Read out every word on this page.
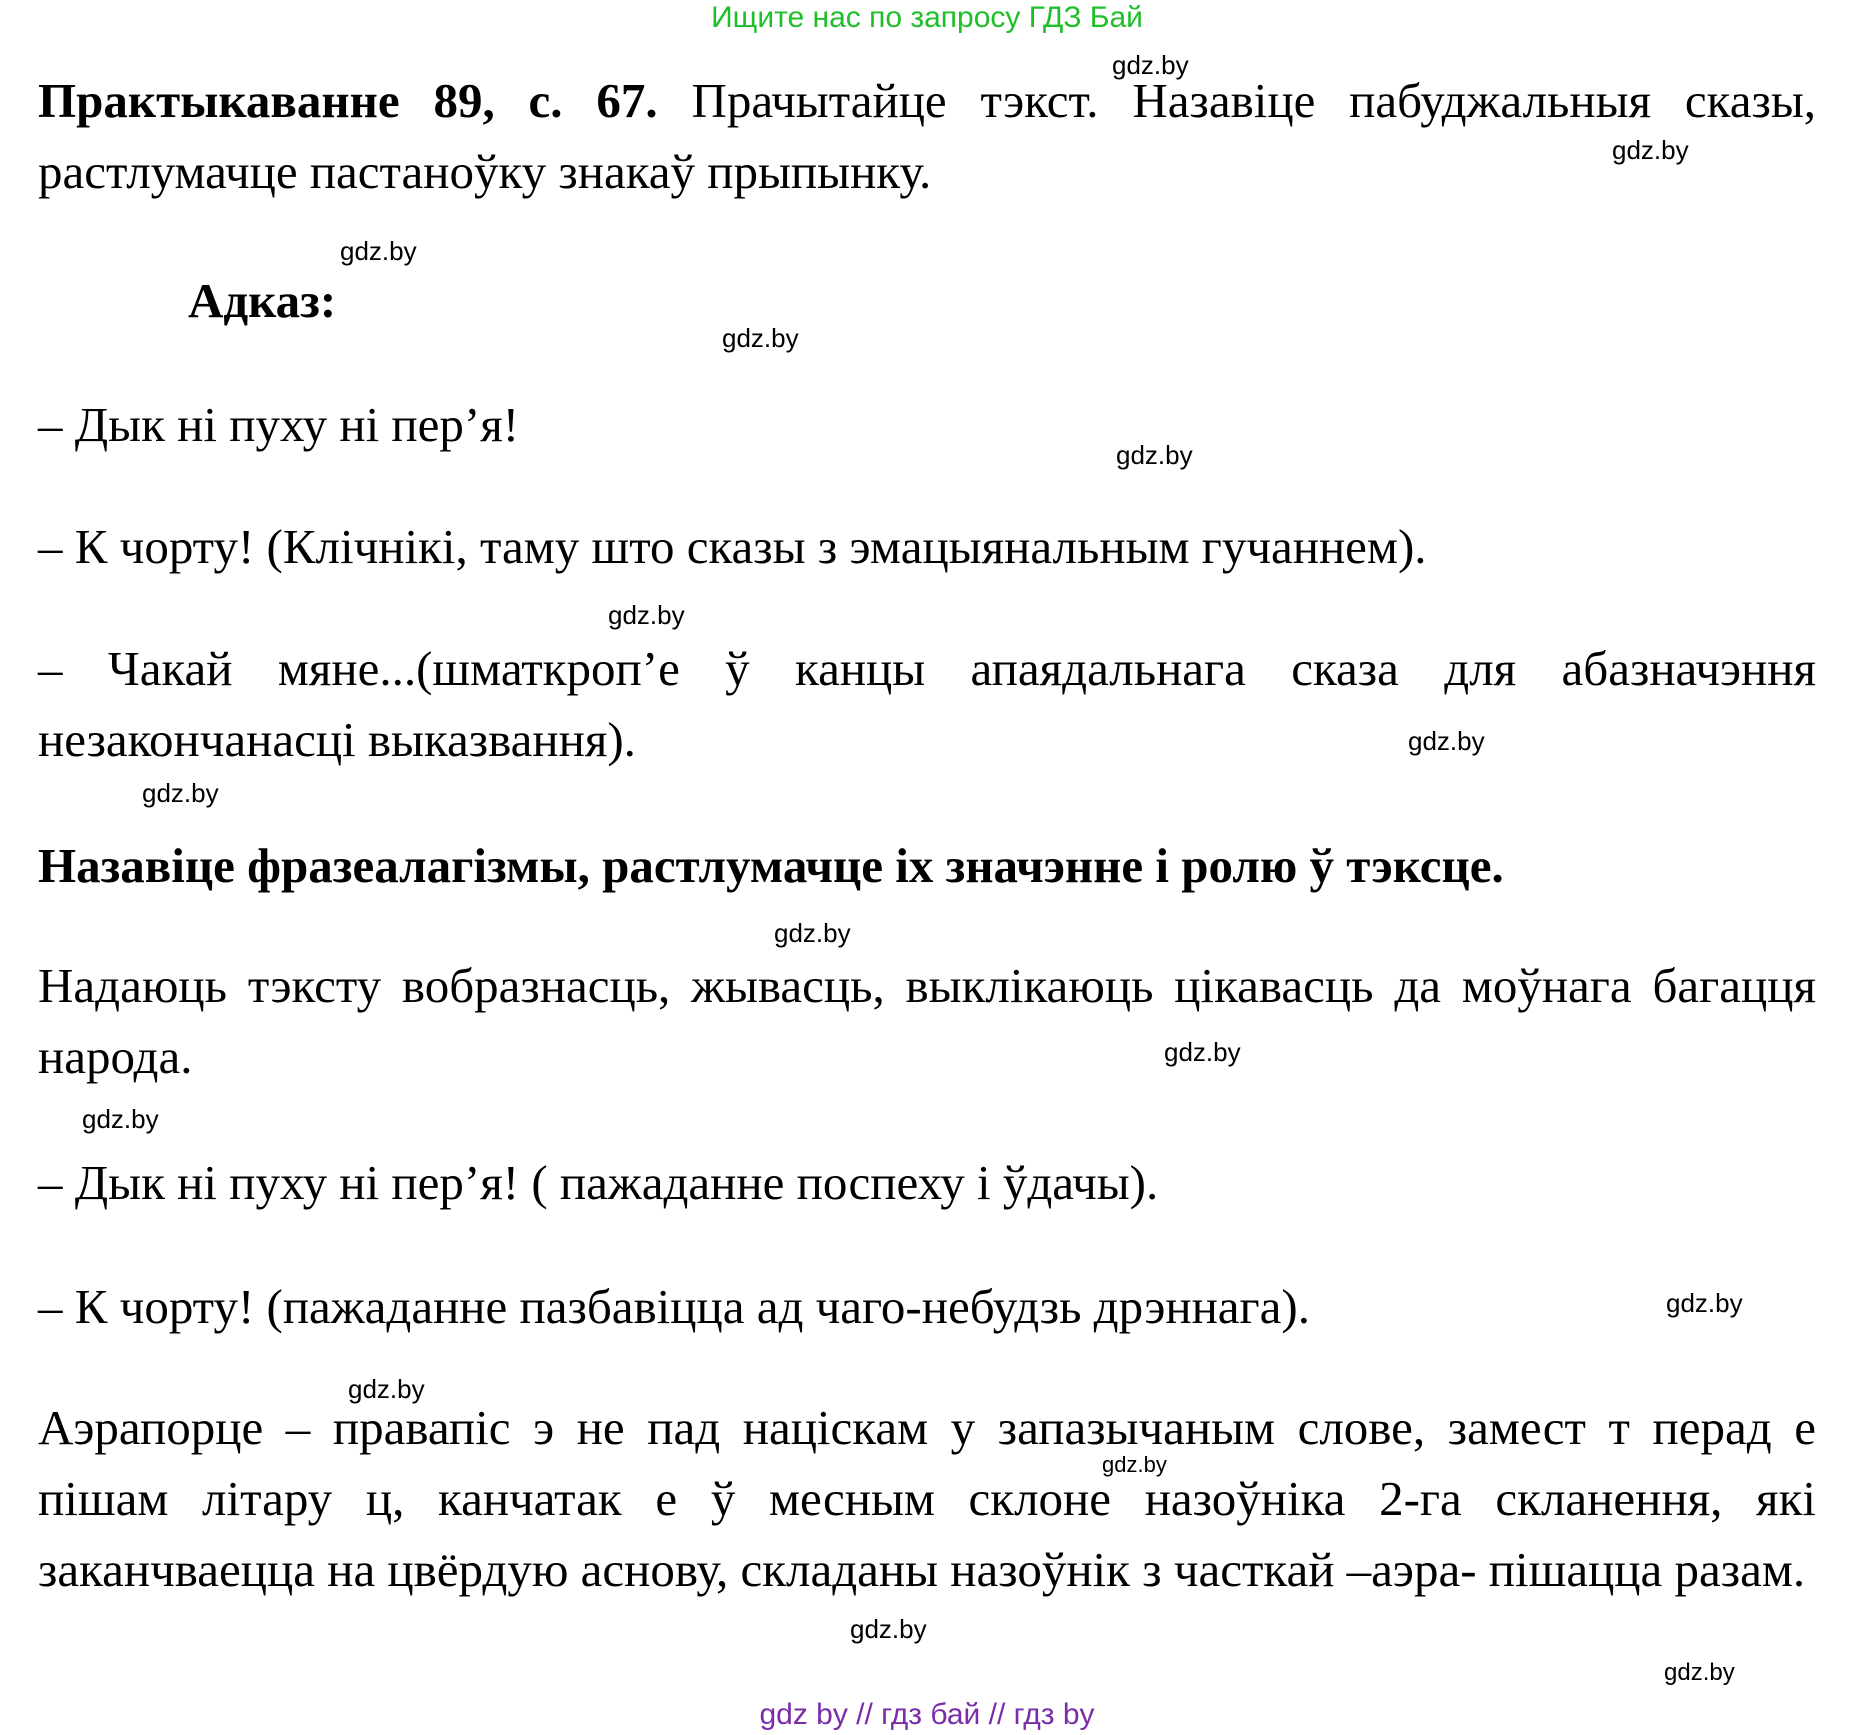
Ищите нас по запросу ГДЗ Бай
Практыкаванне 89, с. 67. Прачытайце тэкст. Назавіце пабуджальныя сказы, растлумачце пастаноўку знакаў прыпынку.
Адказ:
– Дык ні пуху ні пер’я!
– К чорту! (Клічнікі, таму што сказы з эмацыянальным гучаннем).
– Чакай мяне...(шматкроп’е ў канцы апаядальнага сказа для абазначэння незакончанасці выказвання).
Назавіце фразеалагізмы, растлумачце іх значэнне і ролю ў тэксце.
Надаюць тэксту вобразнасць, жывасць, выклікаюць цікавасць да моўнага багацця народа.
– Дык ні пуху ні пер’я! ( пажаданне поспеху і ўдачы).
– К чорту! (пажаданне пазбавіцца ад чаго-небудзь дрэннага).
Аэрапорце – правапіс э не пад націскам у запазычаным слове, замест т перад е пішам літару ц, канчатак е ў месным склоне назоўніка 2-га скланення, які заканчваецца на цвёрдую аснову, складаны назоўнік з часткай –аэра- пішацца разам.
gdz.by
gdz.by
gdz.by
gdz.by
gdz.by
gdz.by
gdz.by
gdz.by
gdz.by
gdz.by
gdz.by
gdz.by
gdz.by
gdz.by
gdz.by
gdz.by
gdz by // гдз бай // гдз by
